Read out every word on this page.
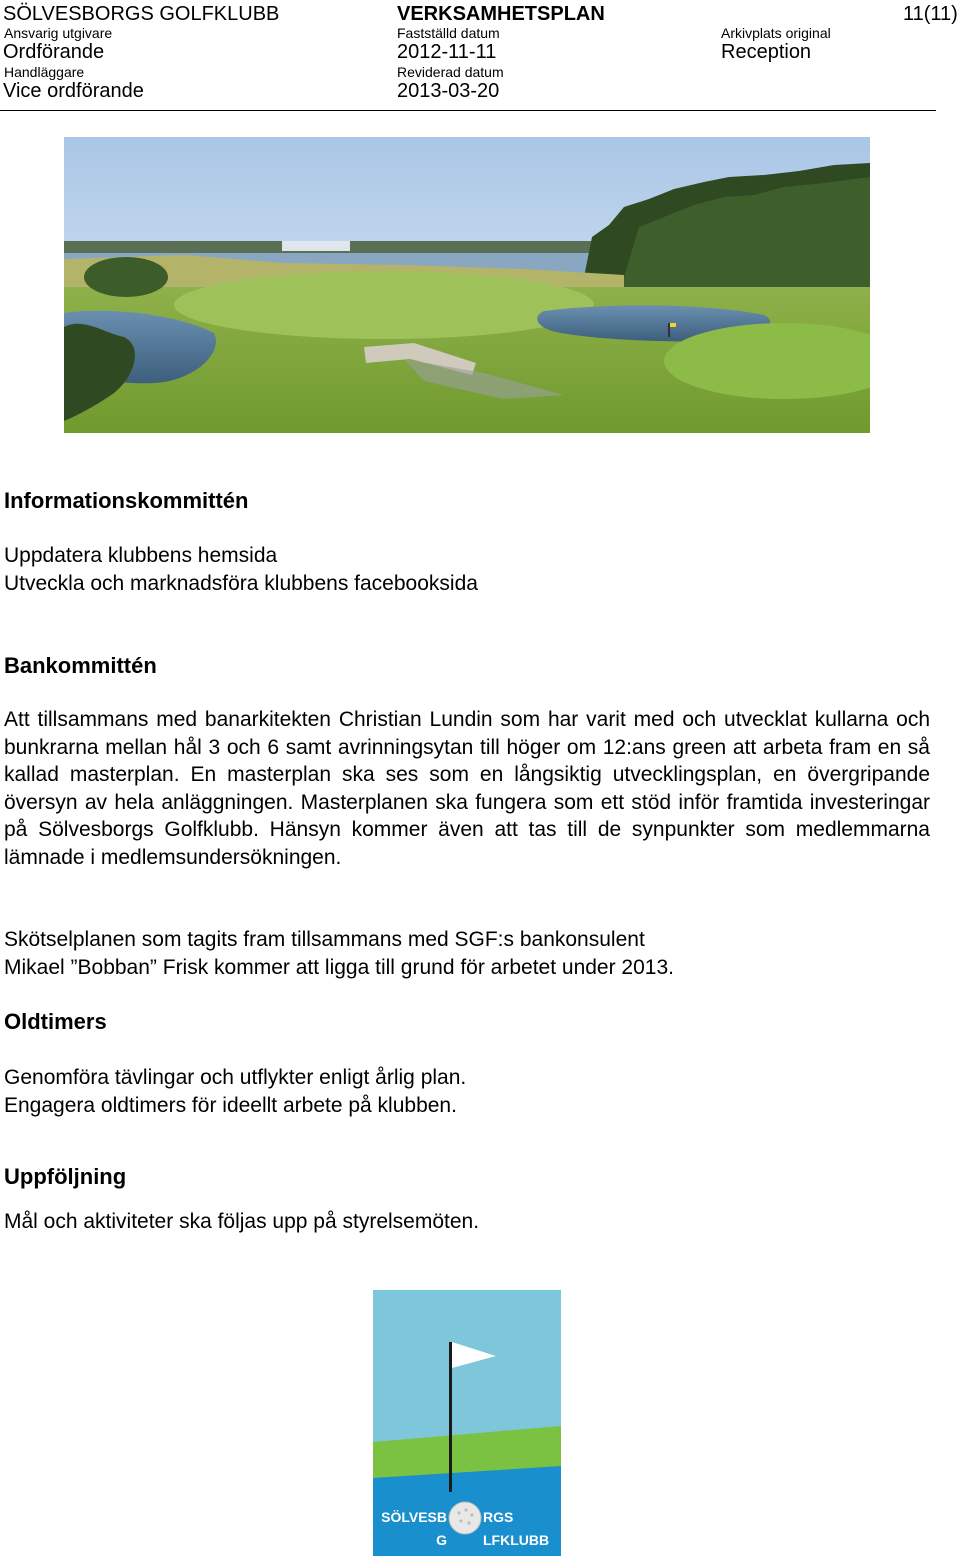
SÖLVESBORGS GOLFKLUBB	VERKSAMHETSPLAN	11(11)
Ansvarig utgivare	Fastställd datum	Arkivplats original
Ordförande	2012-11-11	Reception
Handläggare	Reviderad datum
Vice ordförande	2013-03-20

Informationskommittén

Uppdatera klubbens hemsida

Utveckla och marknadsföra klubbens facebooksida

Bankommittén

Att tillsammans med banarkitekten Christian Lundin som har varit med och utvecklat kullarna och bunkrarna mellan hål 3 och 6 samt avrinningsytan till höger om 12:ans green att arbeta fram en så kallad masterplan. En masterplan ska ses som en långsiktig utvecklingsplan, en övergripande översyn av hela anläggningen. Masterplanen ska fungera som ett stöd inför framtida investeringar på Sölvesborgs Golfklubb. Hänsyn kommer även att tas till de synpunkter som medlemmarna lämnade i medlemsundersökningen.

Skötselplanen som tagits fram tillsammans med SGF:s bankonsulent

Mikael ”Bobban” Frisk kommer att ligga till grund för arbetet under 2013.

Oldtimers

Genomföra tävlingar och utflykter enligt årlig plan.

Engagera oldtimers för ideellt arbete på klubben.

Uppföljning

Mål och aktiviteter ska följas upp på styrelsemöten.

SÖLVESB	RGS
G	LFKLUBB
